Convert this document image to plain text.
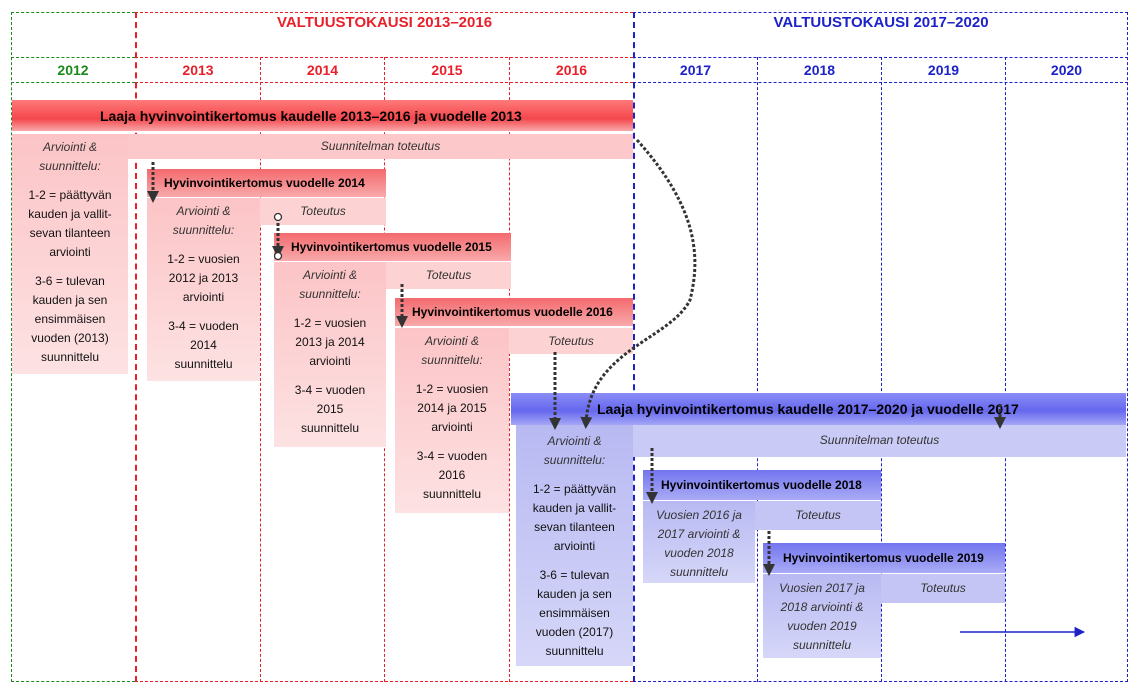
VALTUUSTOKAUSI 2013–2016	VALTUUSTOKAUSI 2017–2020
2012	2013	2014	2015	2016	2017	2018	2019	2020
Laaja hyvinvointikertomus kaudelle 2013–2016 ja vuodelle 2013
Suunnitelman toteutus
Arviointi & suunnittelu:
1-2 = päättyvän kauden ja vallit-sevan tilanteen arviointi
3-6 = tulevan kauden ja sen ensimmäisen vuoden (2013) suunnittelu
Hyvinvointikertomus vuodelle 2014
Toteutus
Arviointi & suunnittelu:
1-2 = vuosien 2012 ja 2013 arviointi
3-4 = vuoden 2014 suunnittelu
Hyvinvointikertomus vuodelle 2015
Toteutus
Arviointi & suunnittelu:
1-2 = vuosien 2013 ja 2014 arviointi
3-4 = vuoden 2015 suunnittelu
Hyvinvointikertomus vuodelle 2016
Toteutus
Arviointi & suunnittelu:
1-2 = vuosien 2014 ja 2015 arviointi
3-4 = vuoden 2016 suunnittelu
Laaja hyvinvointikertomus kaudelle 2017–2020 ja vuodelle 2017
Suunnitelman toteutus
Arviointi & suunnittelu:
1-2 = päättyvän kauden ja vallit-sevan tilanteen arviointi
3-6 = tulevan kauden ja sen ensimmäisen vuoden (2017) suunnittelu
Hyvinvointikertomus vuodelle 2018
Toteutus
Vuosien 2016 ja 2017 arviointi & vuoden 2018 suunnittelu
Hyvinvointikertomus vuodelle 2019
Toteutus
Vuosien 2017 ja 2018 arviointi & vuoden 2019 suunnittelu
